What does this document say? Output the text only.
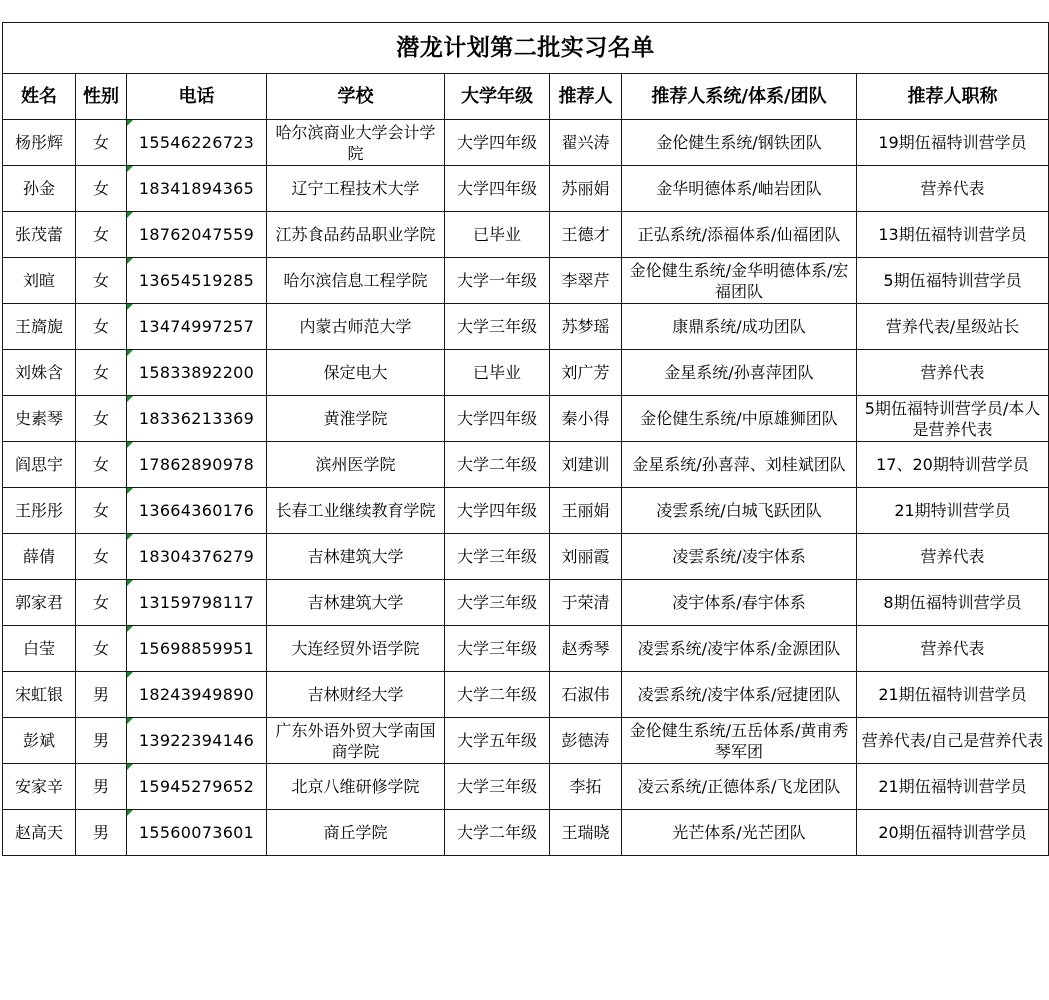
潜龙计划第二批实习名单							
姓名	性别	电话	学校	大学年级	推荐人	推荐人系统/体系/团队	推荐人职称
杨彤辉	女	15546226723	哈尔滨商业大学会计学院	大学四年级	翟兴涛	金伦健生系统/钢铁团队	19期伍福特训营学员
孙金	女	18341894365	辽宁工程技术大学	大学四年级	苏丽娟	金华明德体系/岫岩团队	营养代表
张茂蕾	女	18762047559	江苏食品药品职业学院	已毕业	王德才	正弘系统/添福体系/仙福团队	13期伍福特训营学员
刘暄	女	13654519285	哈尔滨信息工程学院	大学一年级	李翠芹	金伦健生系统/金华明德体系/宏福团队	5期伍福特训营学员
王旖旎	女	13474997257	内蒙古师范大学	大学三年级	苏梦瑶	康鼎系统/成功团队	营养代表/星级站长
刘姝含	女	15833892200	保定电大	已毕业	刘广芳	金星系统/孙喜萍团队	营养代表
史素琴	女	18336213369	黄淮学院	大学四年级	秦小得	金伦健生系统/中原雄狮团队	5期伍福特训营学员/本人是营养代表
阎思宇	女	17862890978	滨州医学院	大学二年级	刘建训	金星系统/孙喜萍、刘桂斌团队	17、20期特训营学员
王彤彤	女	13664360176	长春工业继续教育学院	大学四年级	王丽娟	凌雲系统/白城飞跃团队	21期特训营学员
薛倩	女	18304376279	吉林建筑大学	大学三年级	刘丽霞	凌雲系统/凌宇体系	营养代表
郭家君	女	13159798117	吉林建筑大学	大学三年级	于荣清	凌宇体系/春宇体系	8期伍福特训营学员
白莹	女	15698859951	大连经贸外语学院	大学三年级	赵秀琴	凌雲系统/凌宇体系/金源团队	营养代表
宋虹银	男	18243949890	吉林财经大学	大学二年级	石淑伟	凌雲系统/凌宇体系/冠捷团队	21期伍福特训营学员
彭斌	男	13922394146	广东外语外贸大学南国商学院	大学五年级	彭德涛	金伦健生系统/五岳体系/黄甫秀琴军团	营养代表/自己是营养代表
安家辛	男	15945279652	北京八维研修学院	大学三年级	李拓	凌云系统/正德体系/飞龙团队	21期伍福特训营学员
赵高天	男	15560073601	商丘学院	大学二年级	王瑞晓	光芒体系/光芒团队	20期伍福特训营学员
